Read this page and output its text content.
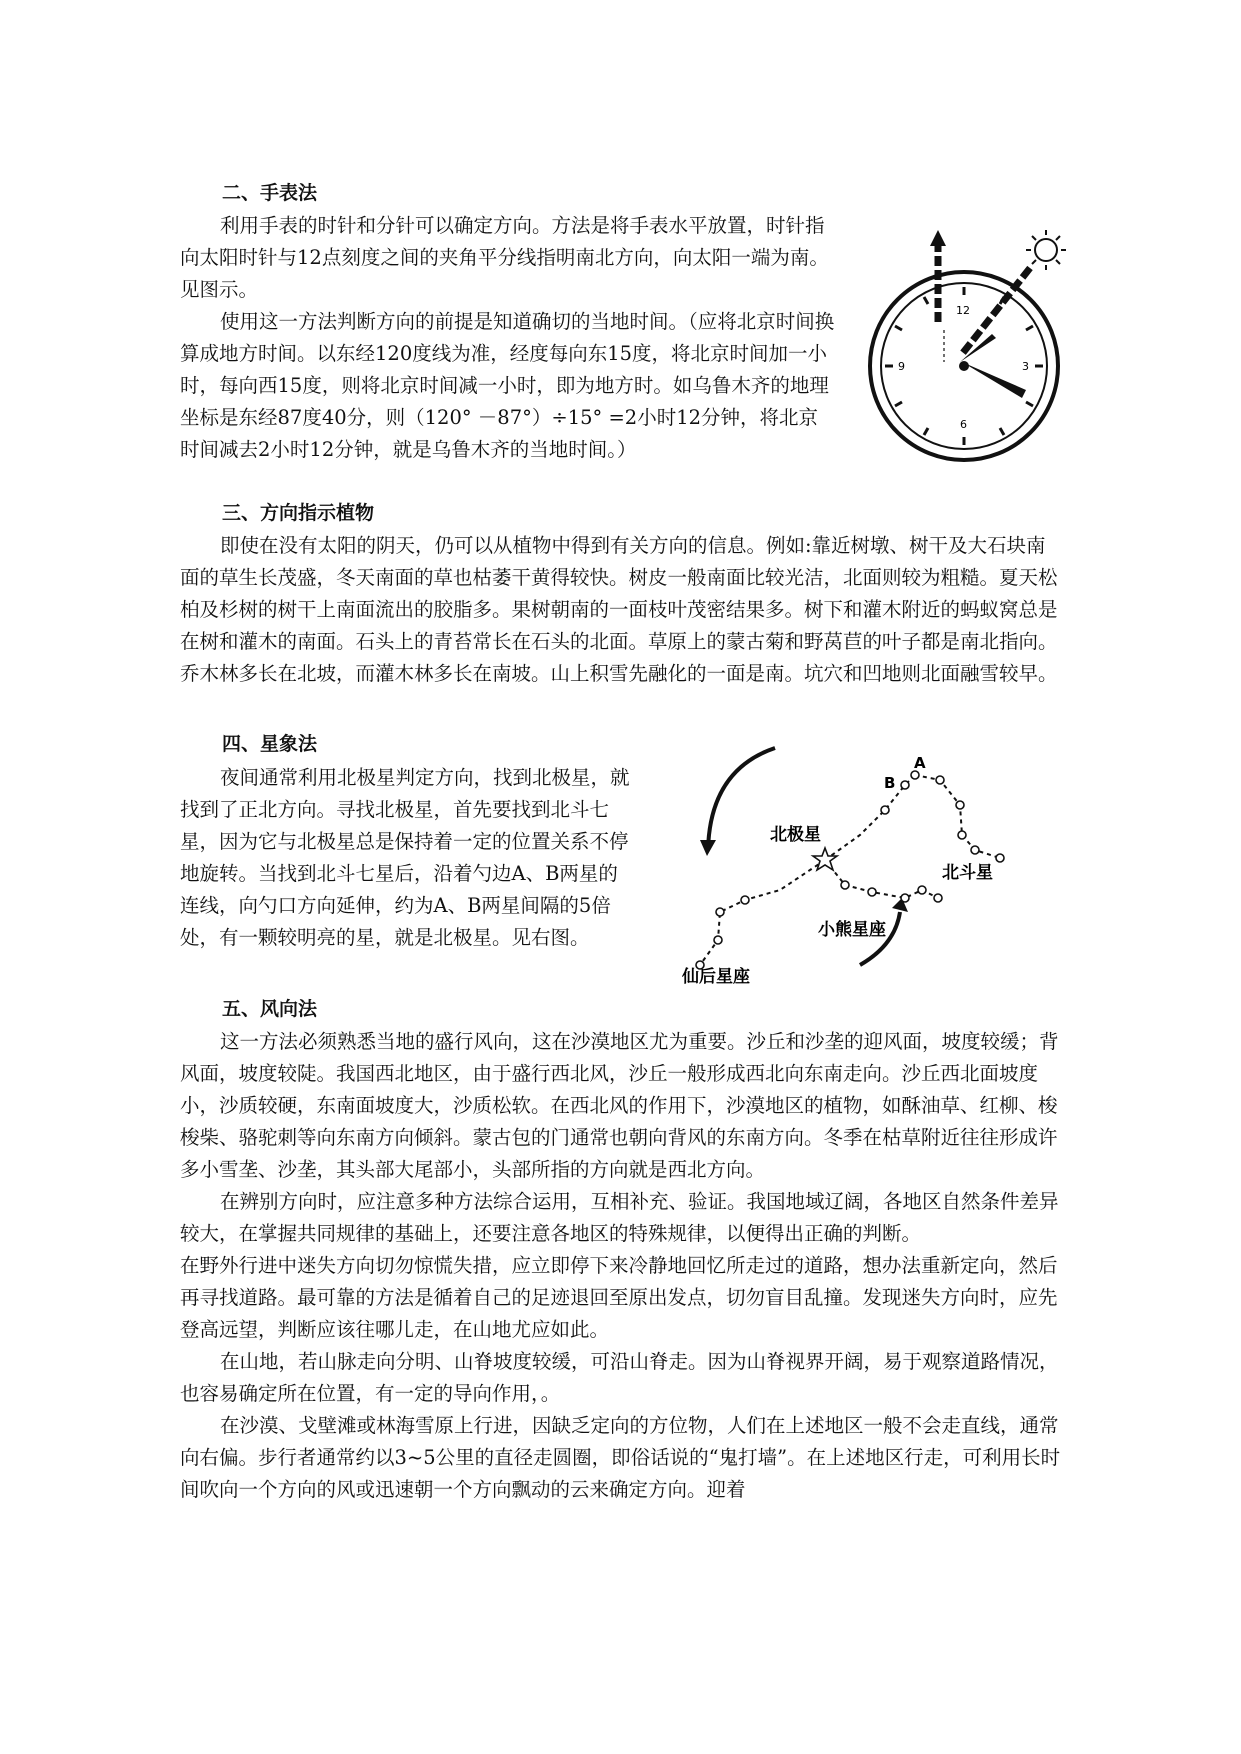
二、手表法

利用手表的时针和分针可以确定方向。方法是将手表水平放置，时针指向太阳时针与12点刻度之间的夹角平分线指明南北方向，向太阳一端为南。见图示。

使用这一方法判断方向的前提是知道确切的当地时间。（应将北京时间换算成地方时间。以东经120度线为准，经度每向东15度，将北京时间加一小时，每向西15度，则将北京时间减一小时，即为地方时。如乌鲁木齐的地理坐标是东经87度40分，则（120° －87°）÷15° =2小时12分钟，将北京时间减去2小时12分钟，就是乌鲁木齐的当地时间。）

12
3
6
9
三、方向指示植物

即使在没有太阳的阴天，仍可以从植物中得到有关方向的信息。例如:靠近树墩、树干及大石块南面的草生长茂盛，冬天南面的草也枯萎干黄得较快。树皮一般南面比较光洁，北面则较为粗糙。夏天松柏及杉树的树干上南面流出的胶脂多。果树朝南的一面枝叶茂密结果多。树下和灌木附近的蚂蚁窝总是在树和灌木的南面。石头上的青苔常长在石头的北面。草原上的蒙古菊和野莴苣的叶子都是南北指向。乔木林多长在北坡，而灌木林多长在南坡。山上积雪先融化的一面是南。坑穴和凹地则北面融雪较早。

四、星象法

夜间通常利用北极星判定方向，找到北极星，就找到了正北方向。寻找北极星，首先要找到北斗七星，因为它与北极星总是保持着一定的位置关系不停地旋转。当找到北斗七星后，沿着勺边A、B两星的连线，向勺口方向延伸，约为A、B两星间隔的5倍处，有一颗较明亮的星，就是北极星。见右图。

北极星
北斗星
小熊星座
仙后星座
A
B
五、风向法

这一方法必须熟悉当地的盛行风向，这在沙漠地区尤为重要。沙丘和沙垄的迎风面，坡度较缓；背风面，坡度较陡。我国西北地区，由于盛行西北风，沙丘一般形成西北向东南走向。沙丘西北面坡度小，沙质较硬，东南面坡度大，沙质松软。在西北风的作用下，沙漠地区的植物，如酥油草、红柳、梭梭柴、骆驼刺等向东南方向倾斜。蒙古包的门通常也朝向背风的东南方向。冬季在枯草附近往往形成许多小雪垄、沙垄，其头部大尾部小，头部所指的方向就是西北方向。

在辨别方向时，应注意多种方法综合运用，互相补充、验证。我国地域辽阔，各地区自然条件差异较大，在掌握共同规律的基础上，还要注意各地区的特殊规律，以便得出正确的判断。

在野外行进中迷失方向切勿惊慌失措，应立即停下来冷静地回忆所走过的道路，想办法重新定向，然后再寻找道路。最可靠的方法是循着自己的足迹退回至原出发点，切勿盲目乱撞。发现迷失方向时，应先登高远望，判断应该往哪儿走，在山地尤应如此。

在山地，若山脉走向分明、山脊坡度较缓，可沿山脊走。因为山脊视界开阔，易于观察道路情况，也容易确定所在位置，有一定的导向作用，。

在沙漠、戈壁滩或林海雪原上行进，因缺乏定向的方位物，人们在上述地区一般不会走直线，通常向右偏。步行者通常约以3~5公里的直径走圆圈，即俗话说的“鬼打墙”。在上述地区行走，可利用长时间吹向一个方向的风或迅速朝一个方向飘动的云来确定方向。迎着
